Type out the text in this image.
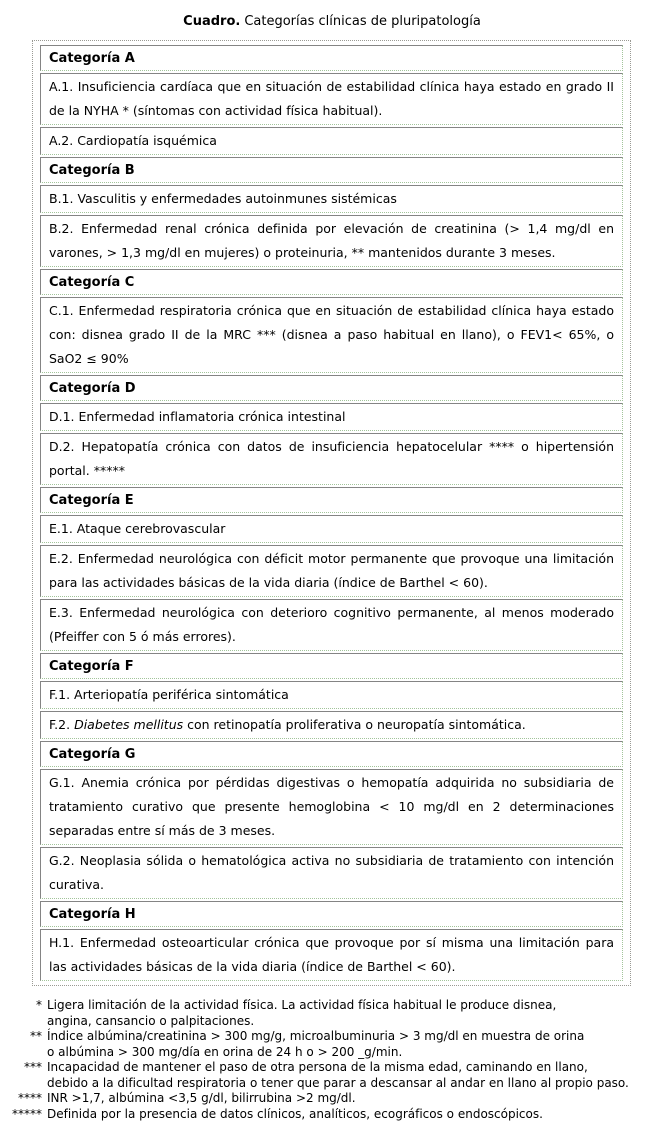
Cuadro. Categorías clínicas de pluripatología
Categoría A
A.1. Insuficiencia cardíaca que en situación de estabilidad clínica haya estado en grado II de la NYHA * (síntomas con actividad física habitual).
A.2. Cardiopatía isquémica
Categoría B
B.1. Vasculitis y enfermedades autoinmunes sistémicas
B.2. Enfermedad renal crónica definida por elevación de creatinina (> 1,4 mg/dl en varones, > 1,3 mg/dl en mujeres) o proteinuria, ** mantenidos durante 3 meses.
Categoría C
C.1. Enfermedad respiratoria crónica que en situación de estabilidad clínica haya estado con: disnea grado II de la MRC *** (disnea a paso habitual en llano), o FEV1< 65%, o SaO2 ≤ 90%
Categoría D
D.1. Enfermedad inflamatoria crónica intestinal
D.2. Hepatopatía crónica con datos de insuficiencia hepatocelular **** o hipertensión portal. *****
Categoría E
E.1. Ataque cerebrovascular
E.2. Enfermedad neurológica con déficit motor permanente que provoque una limitación para las actividades básicas de la vida diaria (índice de Barthel < 60).
E.3. Enfermedad neurológica con deterioro cognitivo permanente, al menos moderado (Pfeiffer con 5 ó más errores).
Categoría F
F.1. Arteriopatía periférica sintomática
F.2. Diabetes mellitus con retinopatía proliferativa o neuropatía sintomática.
Categoría G
G.1. Anemia crónica por pérdidas digestivas o hemopatía adquirida no subsidiaria de tratamiento curativo que presente hemoglobina < 10 mg/dl en 2 determinaciones separadas entre sí más de 3 meses.
G.2. Neoplasia sólida o hematológica activa no subsidiaria de tratamiento con intención curativa.
Categoría H
H.1. Enfermedad osteoarticular crónica que provoque por sí misma una limitación para las actividades básicas de la vida diaria (índice de Barthel < 60).
* Ligera limitación de la actividad física. La actividad física habitual le produce disnea,
angina, cansancio o palpitaciones.
** Índice albúmina/creatinina > 300 mg/g, microalbuminuria > 3 mg/dl en muestra de orina
o albúmina > 300 mg/día en orina de 24 h o > 200 _g/min.
*** Incapacidad de mantener el paso de otra persona de la misma edad, caminando en llano,
debido a la dificultad respiratoria o tener que parar a descansar al andar en llano al propio paso.
**** INR >1,7, albúmina <3,5 g/dl, bilirrubina >2 mg/dl.
***** Definida por la presencia de datos clínicos, analíticos, ecográficos o endoscópicos.
